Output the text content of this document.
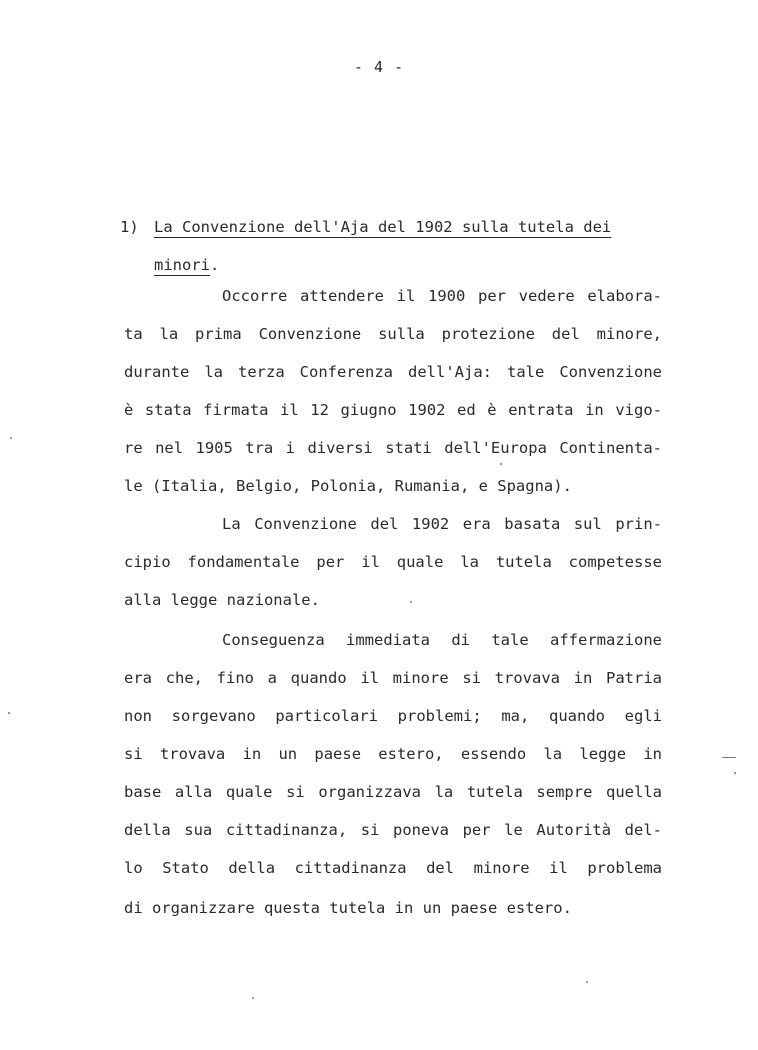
- 4 -
1) La Convenzione dell'Aja del 1902 sulla tutela dei
minori.
Occorre attendere il 1900 per vedere elabora-
ta la prima Convenzione sulla protezione del minore,
durante la terza Conferenza dell'Aja: tale Convenzione
è stata firmata il 12 giugno 1902 ed è entrata in vigo-
re nel 1905 tra i diversi stati dell'Europa Continenta-
le (Italia, Belgio, Polonia, Rumania, e Spagna).
La Convenzione del 1902 era basata sul prin-
cipio fondamentale per il quale la tutela competesse
alla legge nazionale.
Conseguenza immediata di tale affermazione
era che, fino a quando il minore si trovava in Patria
non sorgevano particolari problemi; ma, quando egli
si trovava in un paese estero, essendo la legge in
base alla quale si organizzava la tutela sempre quella
della sua cittadinanza, si poneva per le Autorità del-
lo Stato della cittadinanza del minore il problema
di organizzare questa tutela in un paese estero.
